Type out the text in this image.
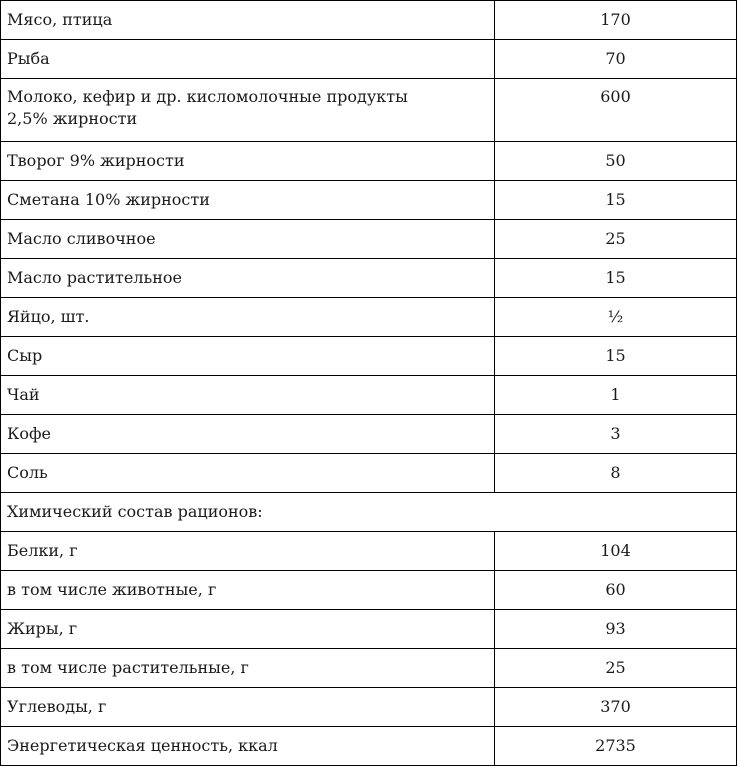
Мясо, птица	170
Рыба	70
Молоко, кефир и др. кисломолочные продукты
2,5% жирности	600
Творог 9% жирности	50
Сметана 10% жирности	15
Масло сливочное	25
Масло растительное	15
Яйцо, шт.	½
Сыр	15
Чай	1
Кофе	3
Соль	8
Химический состав рационов:	
Белки, г	104
в том числе животные, г	60
Жиры, г	93
в том числе растительные, г	25
Углеводы, г	370
Энергетическая ценность, ккал	2735
